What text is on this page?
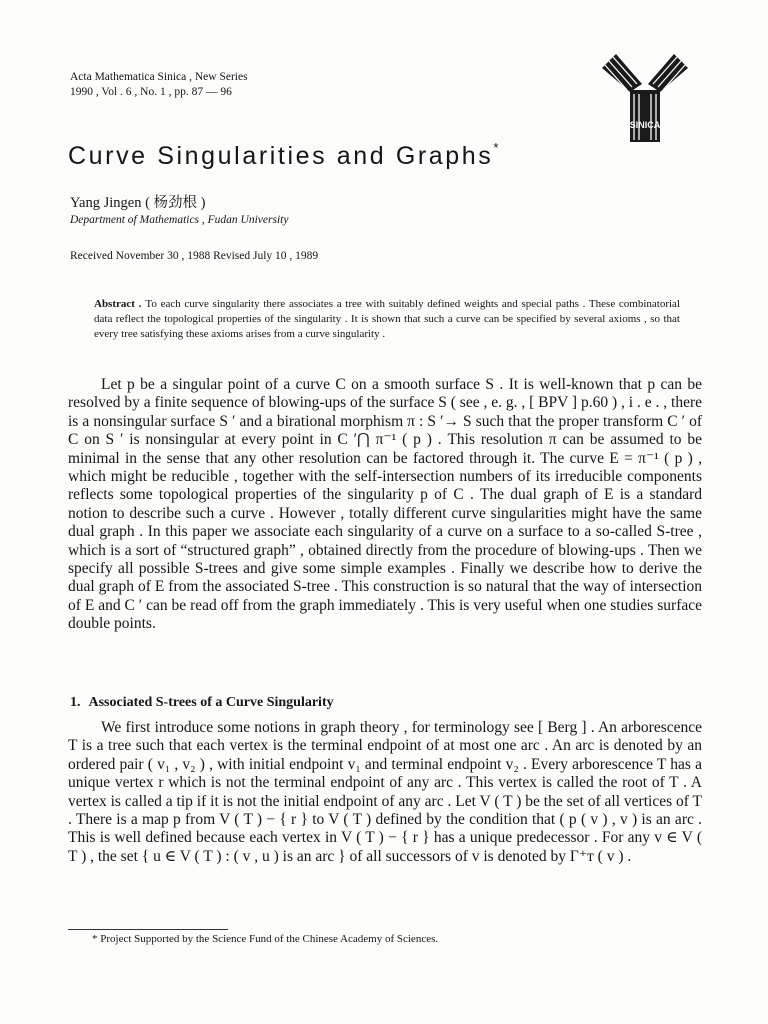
Acta Mathematica Sinica , New Series
1990 , Vol . 6 , No. 1 , pp. 87 — 96
SINICA
Curve Singularities and Graphs*
Yang Jingen ( 杨劲根 )
Department of Mathematics , Fudan University
Received November 30 , 1988 Revised July 10 , 1989

Abstract . To each curve singularity there associates a tree with suitably defined weights and special paths . These combinatorial data reflect the topological properties of the singularity . It is shown that such a curve can be specified by several axioms , so that every tree satisfying these axioms arises from a curve singularity .

Let p be a singular point of a curve C on a smooth surface S . It is well-known that p can be resolved by a finite sequence of blowing-ups of the surface S ( see , e. g. , [ BPV ] p.60 ) , i . e . , there is a nonsingular surface S ′ and a birational morphism π : S ′→ S such that the proper transform C ′ of C on S ′ is nonsingular at every point in C ′⋂ π⁻¹ ( p ) . This resolution π can be assumed to be minimal in the sense that any other resolution can be factored through it. The curve E = π⁻¹ ( p ) , which might be reducible , together with the self-intersection numbers of its irreducible components reflects some topological properties of the singularity p of C . The dual graph of E is a standard notion to describe such a curve . However , totally different curve singularities might have the same dual graph . In this paper we associate each singularity of a curve on a surface to a so-called S-tree , which is a sort of “structured graph” , obtained directly from the procedure of blowing-ups . Then we specify all possible S-trees and give some simple examples . Finally we describe how to derive the dual graph of E from the associated S-tree . This construction is so natural that the way of intersection of E and C ′ can be read off from the graph immediately . This is very useful when one studies surface double points.

1. Associated S-trees of a Curve Singularity

We first introduce some notions in graph theory , for terminology see [ Berg ] . An arborescence T is a tree such that each vertex is the terminal endpoint of at most one arc . An arc is denoted by an ordered pair ( v₁ , v₂ ) , with initial endpoint v₁ and terminal endpoint v₂ . Every arborescence T has a unique vertex r which is not the terminal endpoint of any arc . This vertex is called the root of T . A vertex is called a tip if it is not the initial endpoint of any arc . Let V ( T ) be the set of all vertices of T . There is a map p from V ( T ) − { r } to V ( T ) defined by the condition that ( p ( v ) , v ) is an arc . This is well defined because each vertex in V ( T ) − { r } has a unique predecessor . For any v ∈ V ( T ) , the set { u ∈ V ( T ) : ( v , u ) is an arc } of all successors of v is denoted by Γ⁺ᴛ ( v ) .

* Project Supported by the Science Fund of the Chinese Academy of Sciences.
